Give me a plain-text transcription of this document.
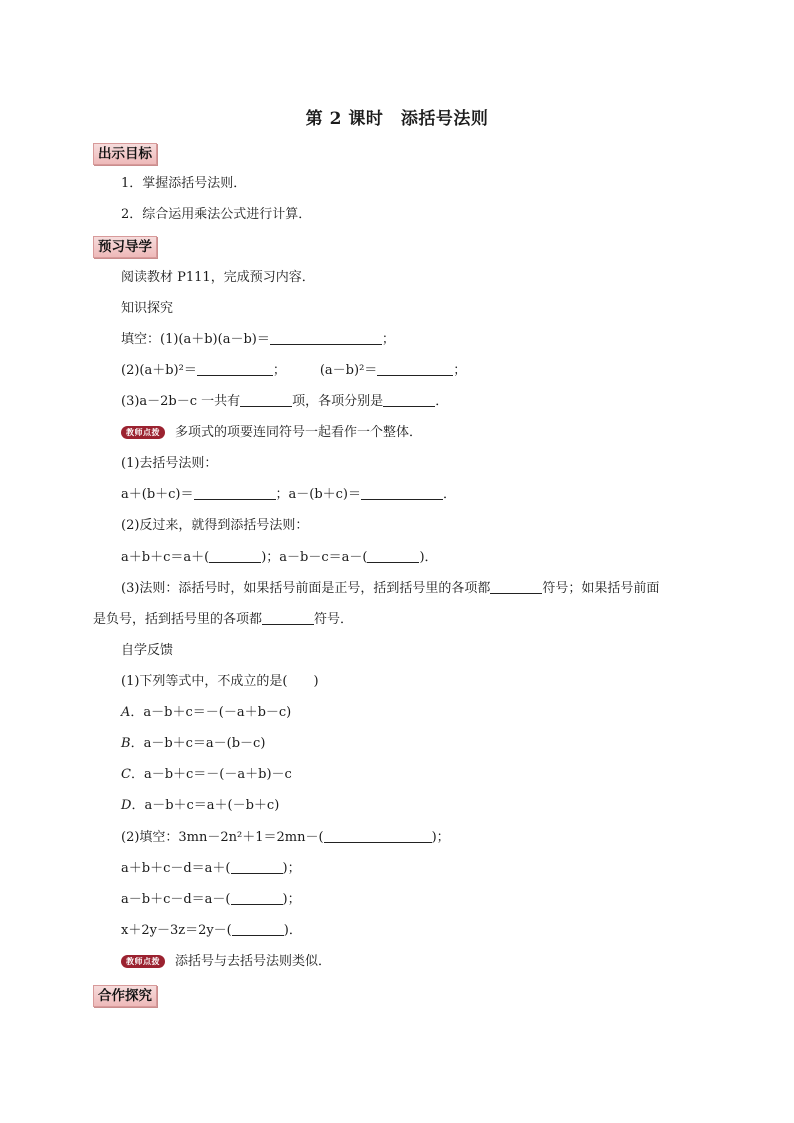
第 2 课时　添括号法则
出示目标
1．掌握添括号法则．
2．综合运用乘法公式进行计算．
预习导学
阅读教材 P111，完成预习内容．
知识探究
填空：(1)(a＋b)(a－b)＝	；
(2)(a＋b)²＝	；	(a－b)²＝	；
(3)a－2b－c 一共有	项，各项分别是	．
教师点拨 多项式的项要连同符号一起看作一个整体．
(1)去括号法则：
a＋(b＋c)＝	；a－(b＋c)＝	．
(2)反过来，就得到添括号法则：
a＋b＋c＝a＋(	)；a－b－c＝a－(	)．
(3)法则：添括号时，如果括号前面是正号，括到括号里的各项都	符号；如果括号前面
是负号，括到括号里的各项都	符号．
自学反馈
(1)下列等式中，不成立的是(　　)
A．a－b＋c＝－(－a＋b－c)
B．a－b＋c＝a－(b－c)
C．a－b＋c＝－(－a＋b)－c
D．a－b＋c＝a＋(－b＋c)
(2)填空：3mn－2n²＋1＝2mn－(	)；
a＋b＋c－d＝a＋(	)；
a－b＋c－d＝a－(	)；
x＋2y－3z＝2y－(	)．
教师点拨 添括号与去括号法则类似．
合作探究
